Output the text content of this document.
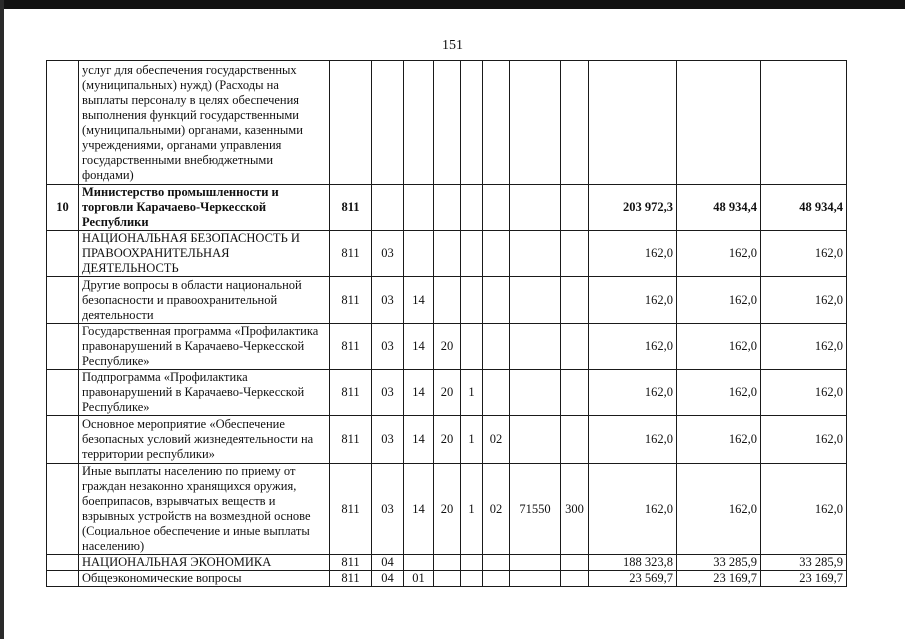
151
	услуг для обеспечения государственных (муниципальных) нужд) (Расходы на выплаты персоналу в целях обеспечения выполнения функций государственными (муниципальными) органами, казенными учреждениями, органами управления государственными внебюджетными фондами)											
10	Министерство промышленности и торговли Карачаево-Черкесской Республики	811								203 972,3	48 934,4	48 934,4
	НАЦИОНАЛЬНАЯ БЕЗОПАСНОСТЬ И ПРАВООХРАНИТЕЛЬНАЯ ДЕЯТЕЛЬНОСТЬ	811	03							162,0	162,0	162,0
	Другие вопросы в области национальной безопасности и правоохранительной деятельности	811	03	14						162,0	162,0	162,0
	Государственная программа «Профилактика правонарушений в Карачаево-Черкесской Республике»	811	03	14	20					162,0	162,0	162,0
	Подпрограмма «Профилактика правонарушений в Карачаево-Черкесской Республике»	811	03	14	20	1				162,0	162,0	162,0
	Основное мероприятие «Обеспечение безопасных условий жизнедеятельности на территории республики»	811	03	14	20	1	02			162,0	162,0	162,0
	Иные выплаты населению по приему от граждан незаконно хранящихся оружия, боеприпасов, взрывчатых веществ и взрывных устройств на возмездной основе (Социальное обеспечение и иные выплаты населению)	811	03	14	20	1	02	71550	300	162,0	162,0	162,0
	НАЦИОНАЛЬНАЯ ЭКОНОМИКА	811	04							188 323,8	33 285,9	33 285,9
	Общеэкономические вопросы	811	04	01						23 569,7	23 169,7	23 169,7
